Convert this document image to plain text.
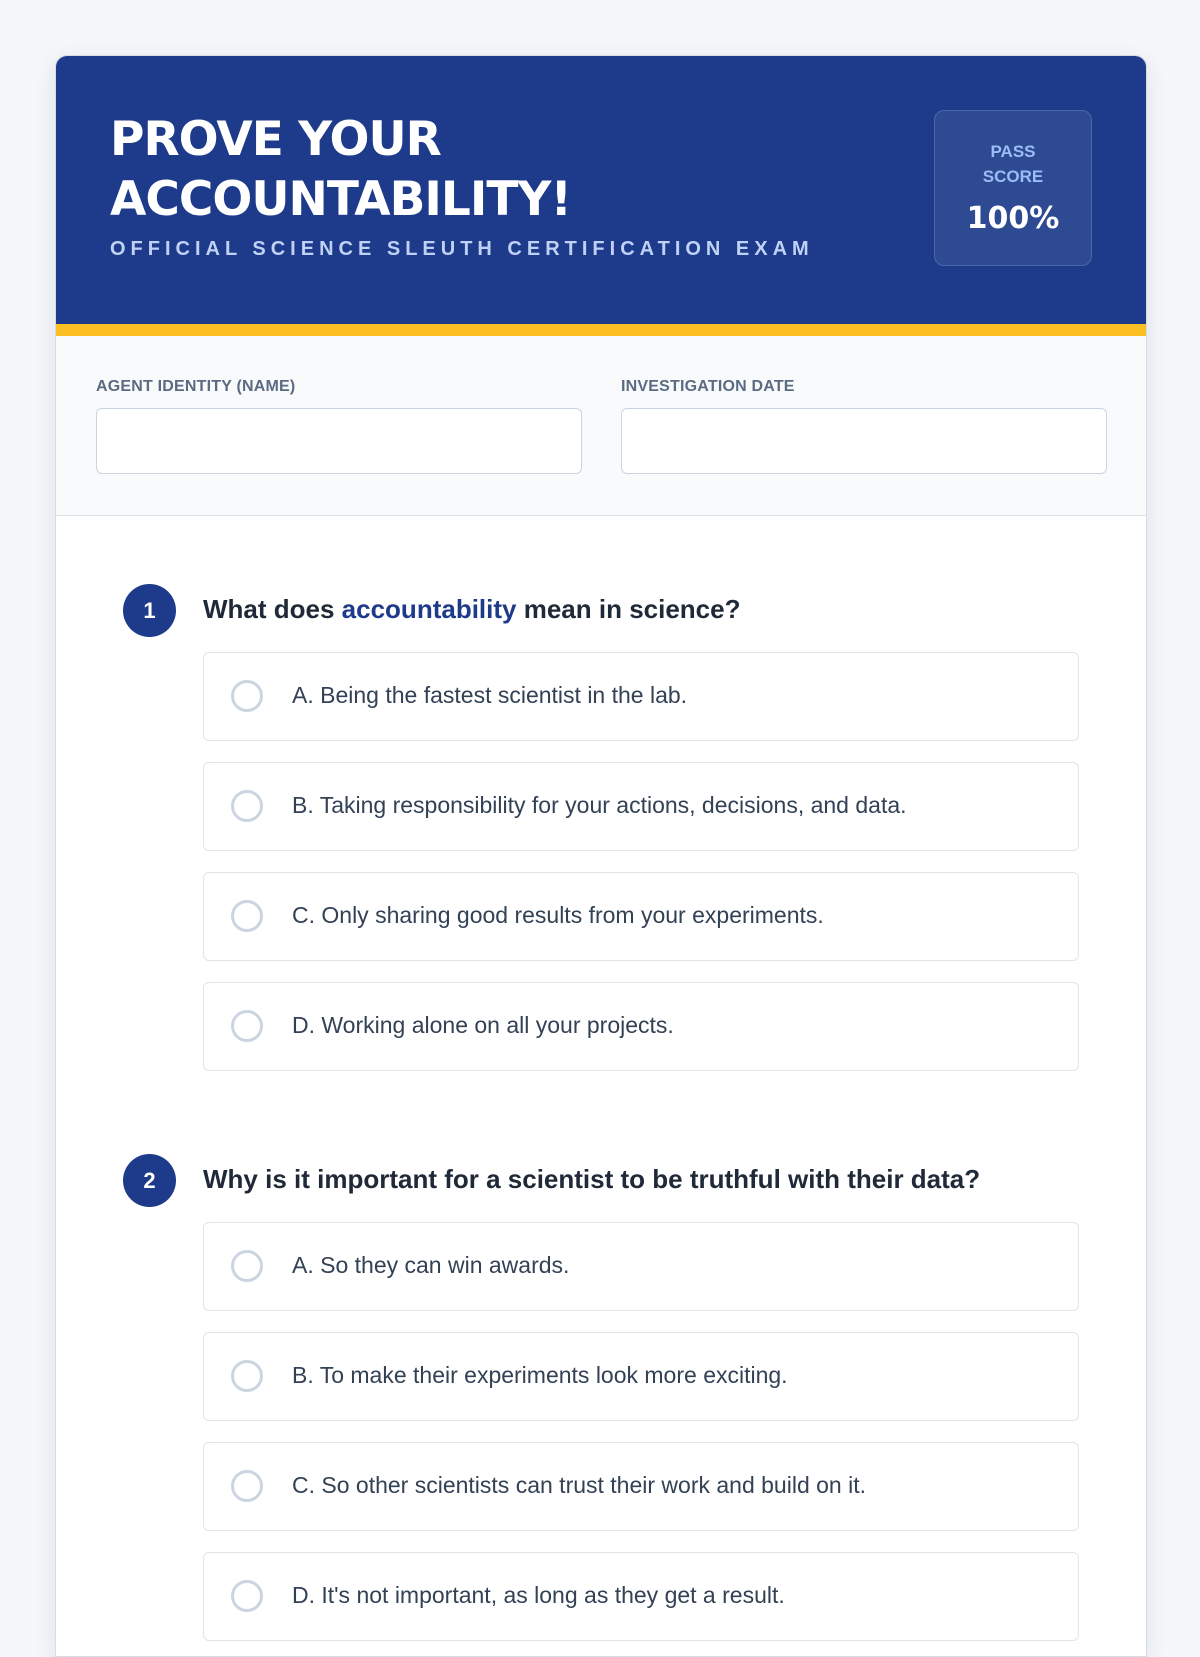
PROVE YOUR ACCOUNTABILITY!
OFFICIAL SCIENCE SLEUTH CERTIFICATION EXAM
PASS SCORE
100%
AGENT IDENTITY (NAME)	INVESTIGATION DATE
1	What does accountability mean in science?
A. Being the fastest scientist in the lab.
B. Taking responsibility for your actions, decisions, and data.
C. Only sharing good results from your experiments.
D. Working alone on all your projects.
2	Why is it important for a scientist to be truthful with their data?
A. So they can win awards.
B. To make their experiments look more exciting.
C. So other scientists can trust their work and build on it.
D. It's not important, as long as they get a result.
